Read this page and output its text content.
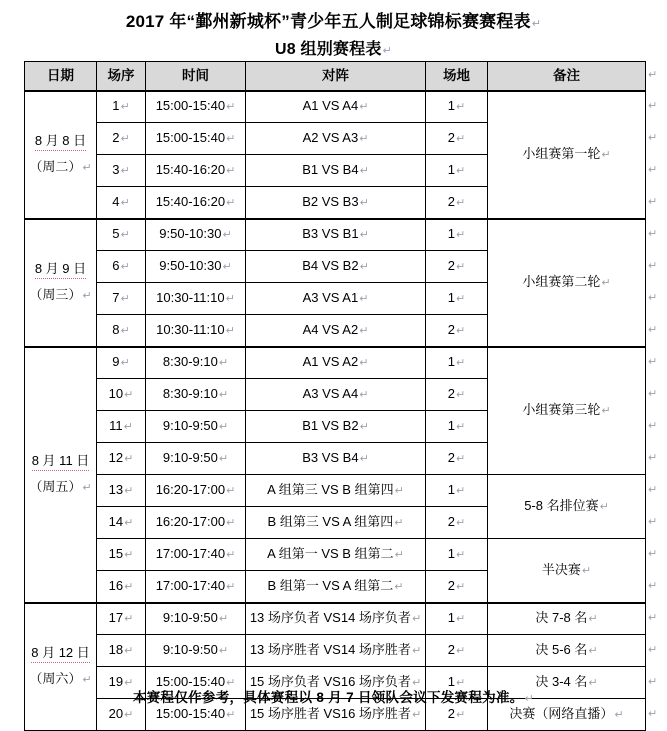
2017 年“鄞州新城杯”青少年五人制足球锦标赛赛程表↵
U8 组别赛程表↵
日期	场序	时间	对阵	场地	备注
8 月 8 日
（周二）↵	1↵	15:00-15:40↵	A1 VS A4↵	1↵	小组赛第一轮↵
	2↵	15:00-15:40↵	A2 VS A3↵	2↵	
	3↵	15:40-16:20↵	B1 VS B4↵	1↵	
	4↵	15:40-16:20↵	B2 VS B3↵	2↵	
8 月 9 日
（周三）↵	5↵	9:50-10:30↵	B3 VS B1↵	1↵	小组赛第二轮↵
	6↵	9:50-10:30↵	B4 VS B2↵	2↵	
	7↵	10:30-11:10↵	A3 VS A1↵	1↵	
	8↵	10:30-11:10↵	A4 VS A2↵	2↵	
8 月 11 日
（周五）↵	9↵	8:30-9:10↵	A1 VS A2↵	1↵	小组赛第三轮↵
	10↵	8:30-9:10↵	A3 VS A4↵	2↵	
	11↵	9:10-9:50↵	B1 VS B2↵	1↵	
	12↵	9:10-9:50↵	B3 VS B4↵	2↵	
	13↵	16:20-17:00↵	A 组第三 VS B 组第四↵	1↵	5-8 名排位赛↵
	14↵	16:20-17:00↵	B 组第三 VS A 组第四↵	2↵	
	15↵	17:00-17:40↵	A 组第一 VS B 组第二↵	1↵	半决赛↵
	16↵	17:00-17:40↵	B 组第一 VS A 组第二↵	2↵	
8 月 12 日
（周六）↵	17↵	9:10-9:50↵	13 场序负者 VS14 场序负者↵	1↵	决 7-8 名↵
	18↵	9:10-9:50↵	13 场序胜者 VS14 场序胜者↵	2↵	决 5-6 名↵
	19↵	15:00-15:40↵	15 场序负者 VS16 场序负者↵	1↵	决 3-4 名↵
	20↵	15:00-15:40↵	15 场序胜者 VS16 场序胜者↵	2↵	决赛（网络直播）↵
↵
↵
↵
↵
↵
↵
↵
↵
↵
↵
↵
↵
↵
↵
↵
↵
↵
↵
↵
↵
↵
本赛程仅作参考，具体赛程以 8 月 7 日领队会议下发赛程为准。↵
